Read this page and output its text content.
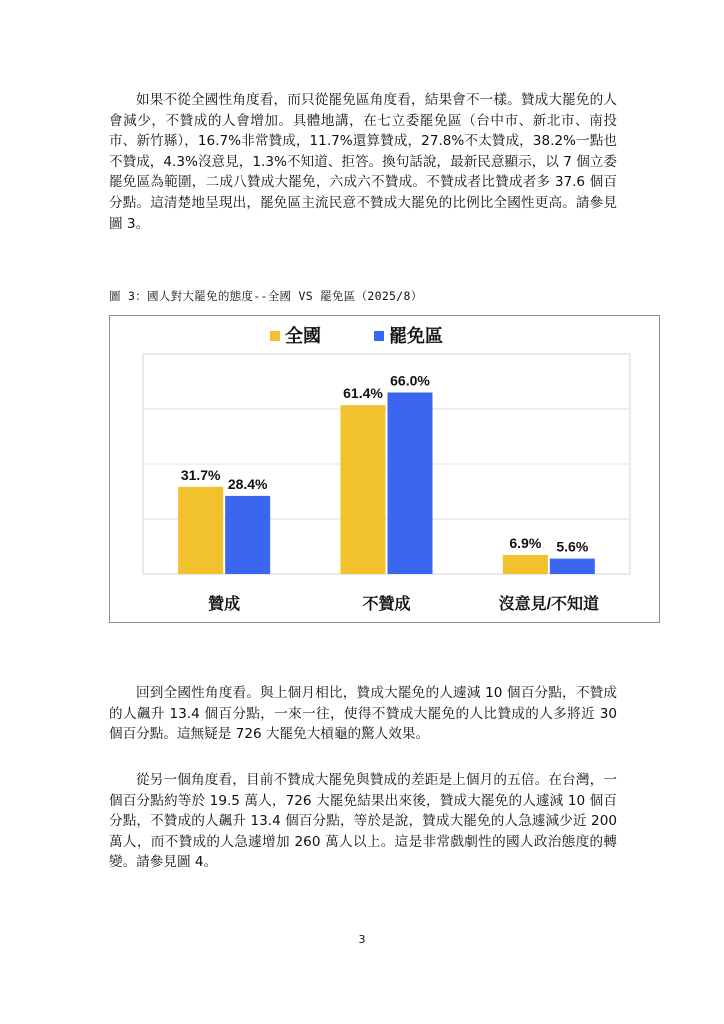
如果不從全國性角度看，而只從罷免區角度看，結果會不一樣。贊成大罷免的人會減少，不贊成的人會增加。具體地講，在七立委罷免區（台中市、新北市、南投市、新竹縣），16.7%非常贊成，11.7%還算贊成，27.8%不太贊成，38.2%一點也不贊成，4.3%沒意見，1.3%不知道、拒答。換句話說，最新民意顯示，以 7 個立委罷免區為範圍，二成八贊成大罷免，六成六不贊成。不贊成者比贊成者多 37.6 個百分點。這清楚地呈現出，罷免區主流民意不贊成大罷免的比例比全國性更高。請參見圖 3。

圖 3：國人對大罷免的態度--全國 VS 罷免區（2025/8）
全國	罷免區
31.7%
28.4%
贊成
61.4%
66.0%
不贊成
6.9% 5.6%
沒意見/不知道

回到全國性角度看。與上個月相比，贊成大罷免的人遽減 10 個百分點，不贊成的人飆升 13.4 個百分點，一來一往，使得不贊成大罷免的人比贊成的人多將近 30 個百分點。這無疑是 726 大罷免大槓龜的驚人效果。

從另一個角度看，目前不贊成大罷免與贊成的差距是上個月的五倍。在台灣，一個百分點約等於 19.5 萬人，726 大罷免結果出來後，贊成大罷免的人遽減 10 個百分點，不贊成的人飆升 13.4 個百分點，等於是說，贊成大罷免的人急遽減少近 200 萬人，而不贊成的人急遽增加 260 萬人以上。這是非常戲劇性的國人政治態度的轉變。請參見圖 4。

3
